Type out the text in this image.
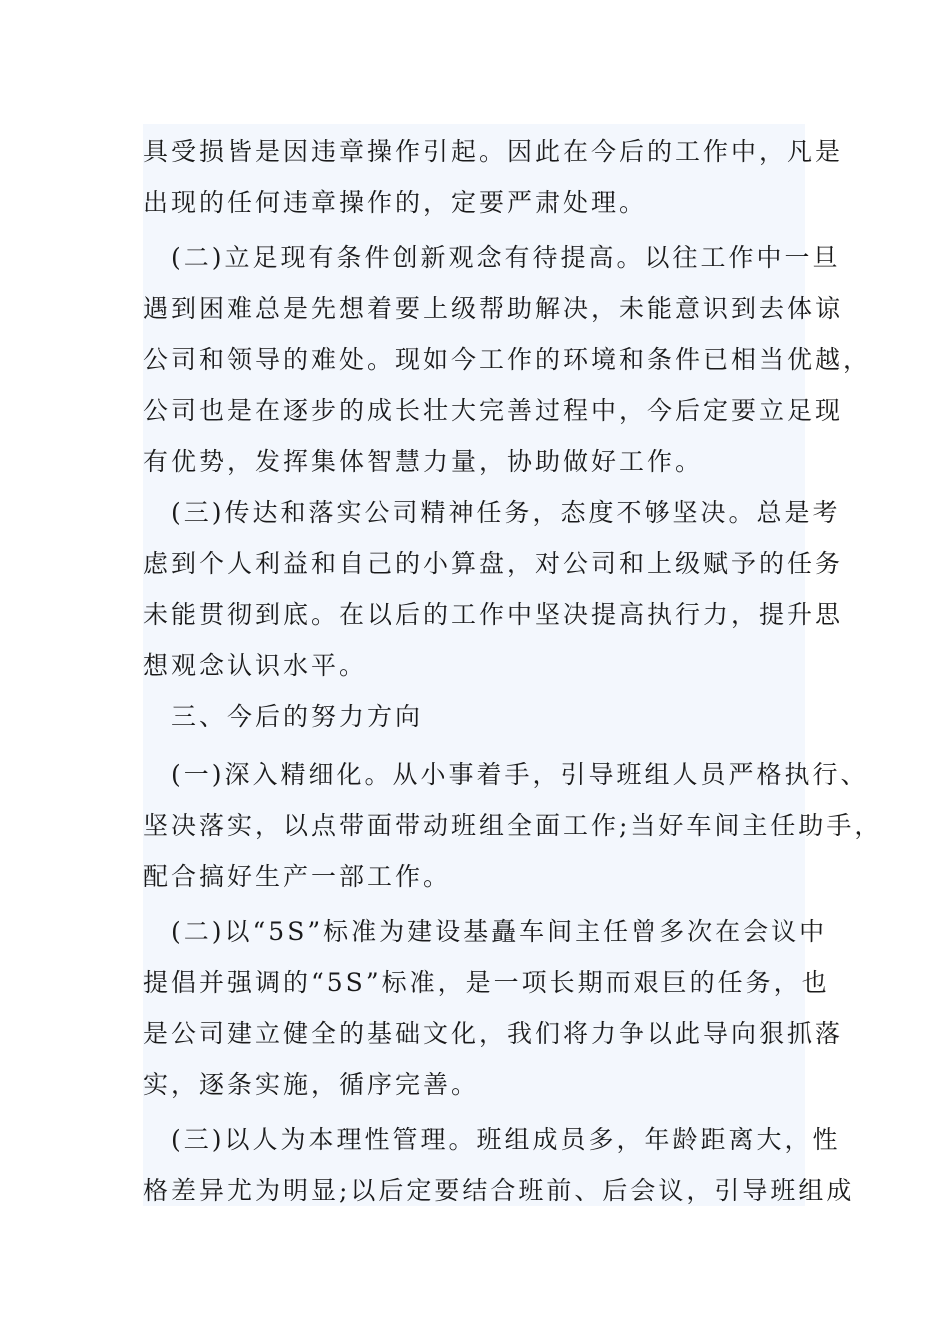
具受损皆是因违章操作引起。因此在今后的工作中，凡是

出现的任何违章操作的，定要严肃处理。

　(二)立足现有条件创新观念有待提高。以往工作中一旦

遇到困难总是先想着要上级帮助解决，未能意识到去体谅

公司和领导的难处。现如今工作的环境和条件已相当优越，

公司也是在逐步的成长壮大完善过程中，今后定要立足现

有优势，发挥集体智慧力量，协助做好工作。

　(三)传达和落实公司精神任务，态度不够坚决。总是考

虑到个人利益和自己的小算盘，对公司和上级赋予的任务

未能贯彻到底。在以后的工作中坚决提高执行力，提升思

想观念认识水平。

　三、今后的努力方向

　(一)深入精细化。从小事着手，引导班组人员严格执行、

坚决落实，以点带面带动班组全面工作;当好车间主任助手，

配合搞好生产一部工作。

　(二)以“5S”标准为建设基矗车间主任曾多次在会议中

提倡并强调的“5S”标准，是一项长期而艰巨的任务，也

是公司建立健全的基础文化，我们将力争以此导向狠抓落

实，逐条实施，循序完善。

　(三)以人为本理性管理。班组成员多，年龄距离大，性

格差异尤为明显;以后定要结合班前、后会议，引导班组成
